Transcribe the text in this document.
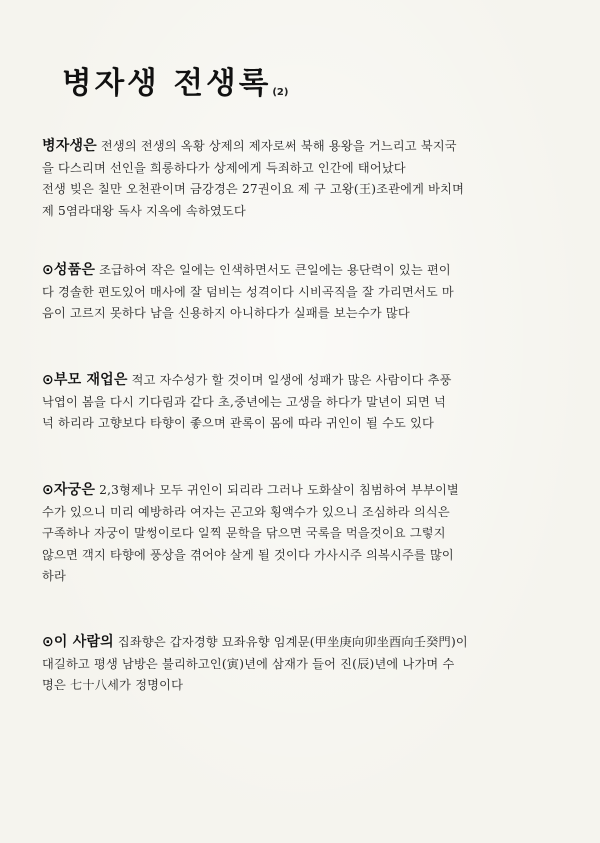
병자생 전생록 (2)
병자생은 전생의 전생의 옥황 상제의 제자로써 북해 용왕을 거느리고 북지국
을 다스리며 선인을 희롱하다가 상제에게 득죄하고 인간에 태어났다
전생 빚은 칠만 오천관이며 금강경은 27권이요 제 구 고왕(王)조관에게 바치며
제 5염라대왕 독사 지옥에 속하였도다
⊙성품은 조급하여 작은 일에는 인색하면서도 큰일에는 용단력이 있는 편이
다 경솔한 편도있어 매사에 잘 덤비는 성격이다 시비곡직을 잘 가리면서도 마
음이 고르지 못하다 남을 신용하지 아니하다가 실패를 보는수가 많다
⊙부모 재업은 적고 자수성가 할 것이며 일생에 성패가 많은 사람이다 추풍
낙엽이 봄을 다시 기다림과 같다 초,중년에는 고생을 하다가 말년이 되면 넉
넉 하리라 고향보다 타향이 좋으며 관록이 몸에 따라 귀인이 될 수도 있다
⊙자궁은 2,3형제나 모두 귀인이 되리라 그러나 도화살이 침범하여 부부이별
수가 있으니 미리 예방하라 여자는 곤고와 횡액수가 있으니 조심하라 의식은
구족하나 자궁이 말썽이로다 일찍 문학을 닦으면 국록을 먹을것이요 그렇지
않으면 객지 타향에 풍상을 겪어야 살게 될 것이다 가사시주 의복시주를 많이
하라
⊙이 사람의 집좌향은 갑자경향 묘좌유향 임계문(甲坐庚向卯坐酉向壬癸門)이
대길하고 평생 남방은 불리하고인(寅)년에 삼재가 들어 진(辰)년에 나가며 수
명은 七十八세가 정명이다
